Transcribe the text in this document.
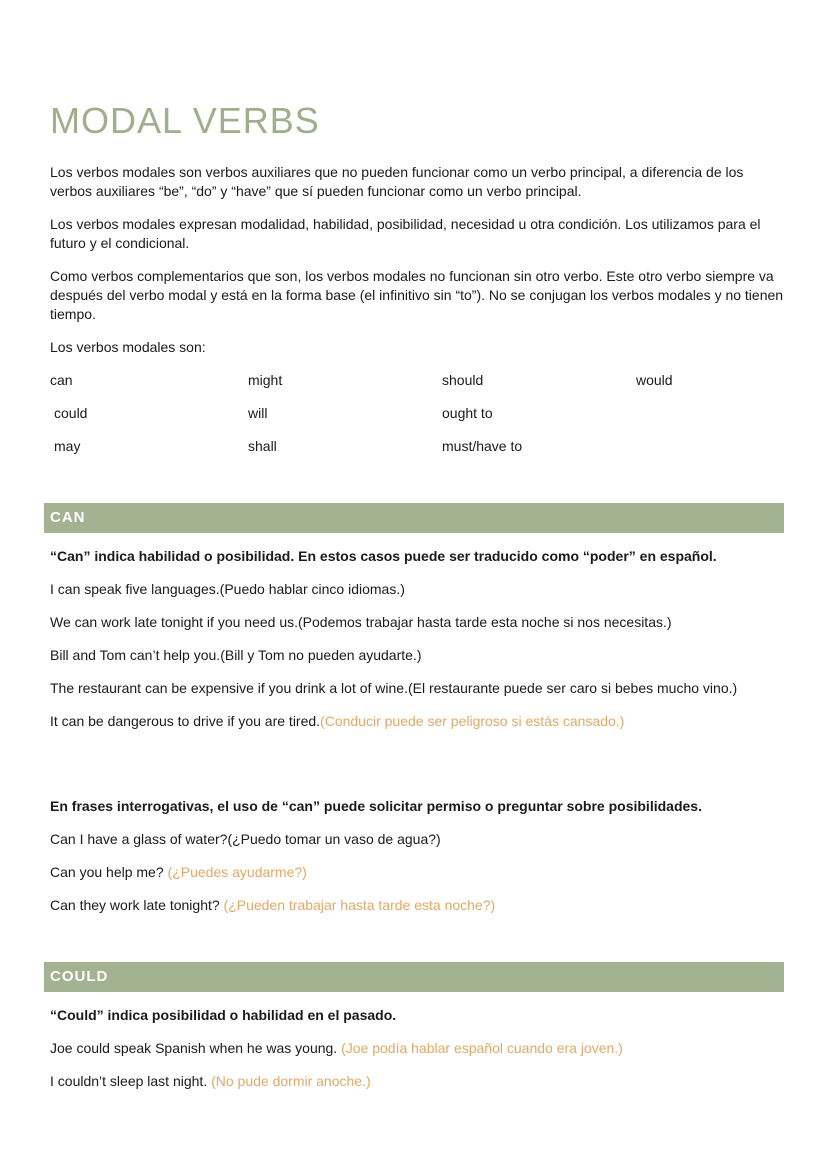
MODAL VERBS

Los verbos modales son verbos auxiliares que no pueden funcionar como un verbo principal, a diferencia de los verbos auxiliares “be”, “do” y “have” que sí pueden funcionar como un verbo principal.

Los verbos modales expresan modalidad, habilidad, posibilidad, necesidad u otra condición. Los utilizamos para el futuro y el condicional.

Como verbos complementarios que son, los verbos modales no funcionan sin otro verbo. Este otro verbo siempre va después del verbo modal y está en la forma base (el infinitivo sin “to”). No se conjugan los verbos modales y no tienen tiempo.

Los verbos modales son:

can	might	should	would
could	will	ought to
may	shall	must/have to
CAN

“Can” indica habilidad o posibilidad. En estos casos puede ser traducido como “poder” en español.

I can speak five languages.(Puedo hablar cinco idiomas.)

We can work late tonight if you need us.(Podemos trabajar hasta tarde esta noche si nos necesitas.)

Bill and Tom can’t help you.(Bill y Tom no pueden ayudarte.)

The restaurant can be expensive if you drink a lot of wine.(El restaurante puede ser caro si bebes mucho vino.)

It can be dangerous to drive if you are tired.(Conducir puede ser peligroso si estás cansado.)

En frases interrogativas, el uso de “can” puede solicitar permiso o preguntar sobre posibilidades.

Can I have a glass of water?(¿Puedo tomar un vaso de agua?)

Can you help me? (¿Puedes ayudarme?)

Can they work late tonight? (¿Pueden trabajar hasta tarde esta noche?)

COULD

“Could” indica posibilidad o habilidad en el pasado.

Joe could speak Spanish when he was young. (Joe podía hablar español cuando era joven.)

I couldn’t sleep last night. (No pude dormir anoche.)
